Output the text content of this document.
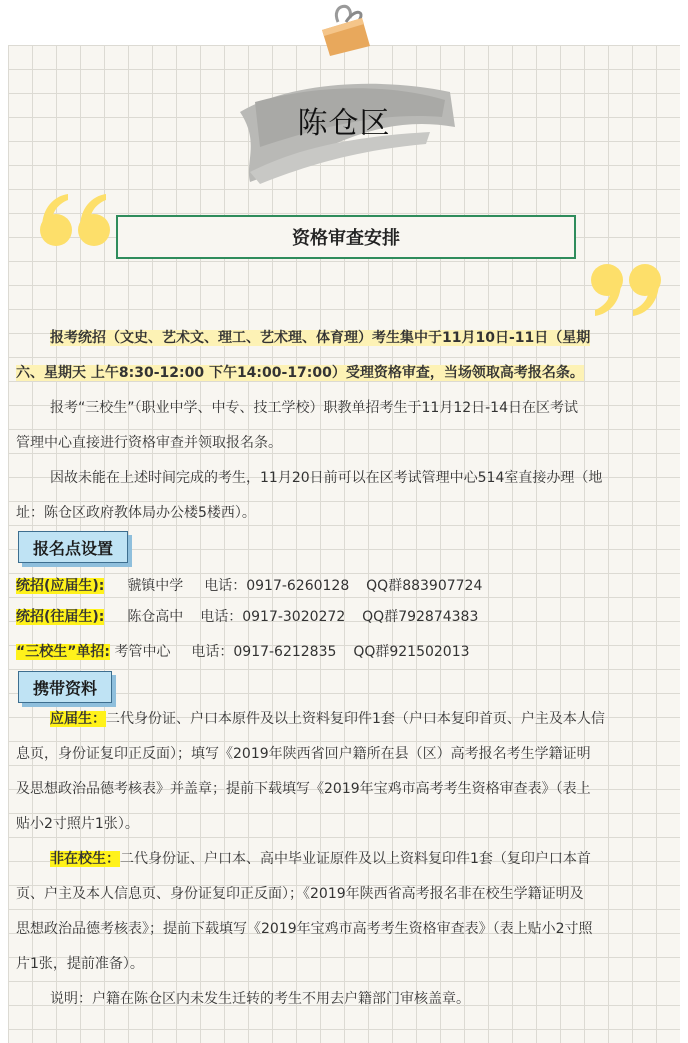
陈仓区
资格审查安排
报考统招（文史、艺术文、理工、艺术理、体育理）考生集中于11月10日-11日（星期
六、星期天 上午8:30-12:00 下午14:00-17:00）受理资格审查，当场领取高考报名条。
报考“三校生”（职业中学、中专、技工学校）职教单招考生于11月12日-14日在区考试
管理中心直接进行资格审查并领取报名条。
因故未能在上述时间完成的考生，11月20日前可以在区考试管理中心514室直接办理（地
址：陈仓区政府教体局办公楼5楼西）。
报名点设置
统招(应届生): 虢镇中学 电话：0917-6260128 QQ群883907724
统招(往届生): 陈仓高中 电话：0917-3020272 QQ群792874383
“三校生”单招: 考管中心 电话：0917-6212835 QQ群921502013
携带资料
应届生：二代身份证、户口本原件及以上资料复印件1套（户口本复印首页、户主及本人信
息页，身份证复印正反面）；填写《2019年陕西省回户籍所在县（区）高考报名考生学籍证明
及思想政治品德考核表》并盖章；提前下载填写《2019年宝鸡市高考考生资格审查表》（表上
贴小2寸照片1张）。
非在校生：二代身份证、户口本、高中毕业证原件及以上资料复印件1套（复印户口本首
页、户主及本人信息页、身份证复印正反面）；《2019年陕西省高考报名非在校生学籍证明及
思想政治品德考核表》；提前下载填写《2019年宝鸡市高考考生资格审查表》（表上贴小2寸照
片1张，提前准备）。
说明：户籍在陈仓区内未发生迁转的考生不用去户籍部门审核盖章。
